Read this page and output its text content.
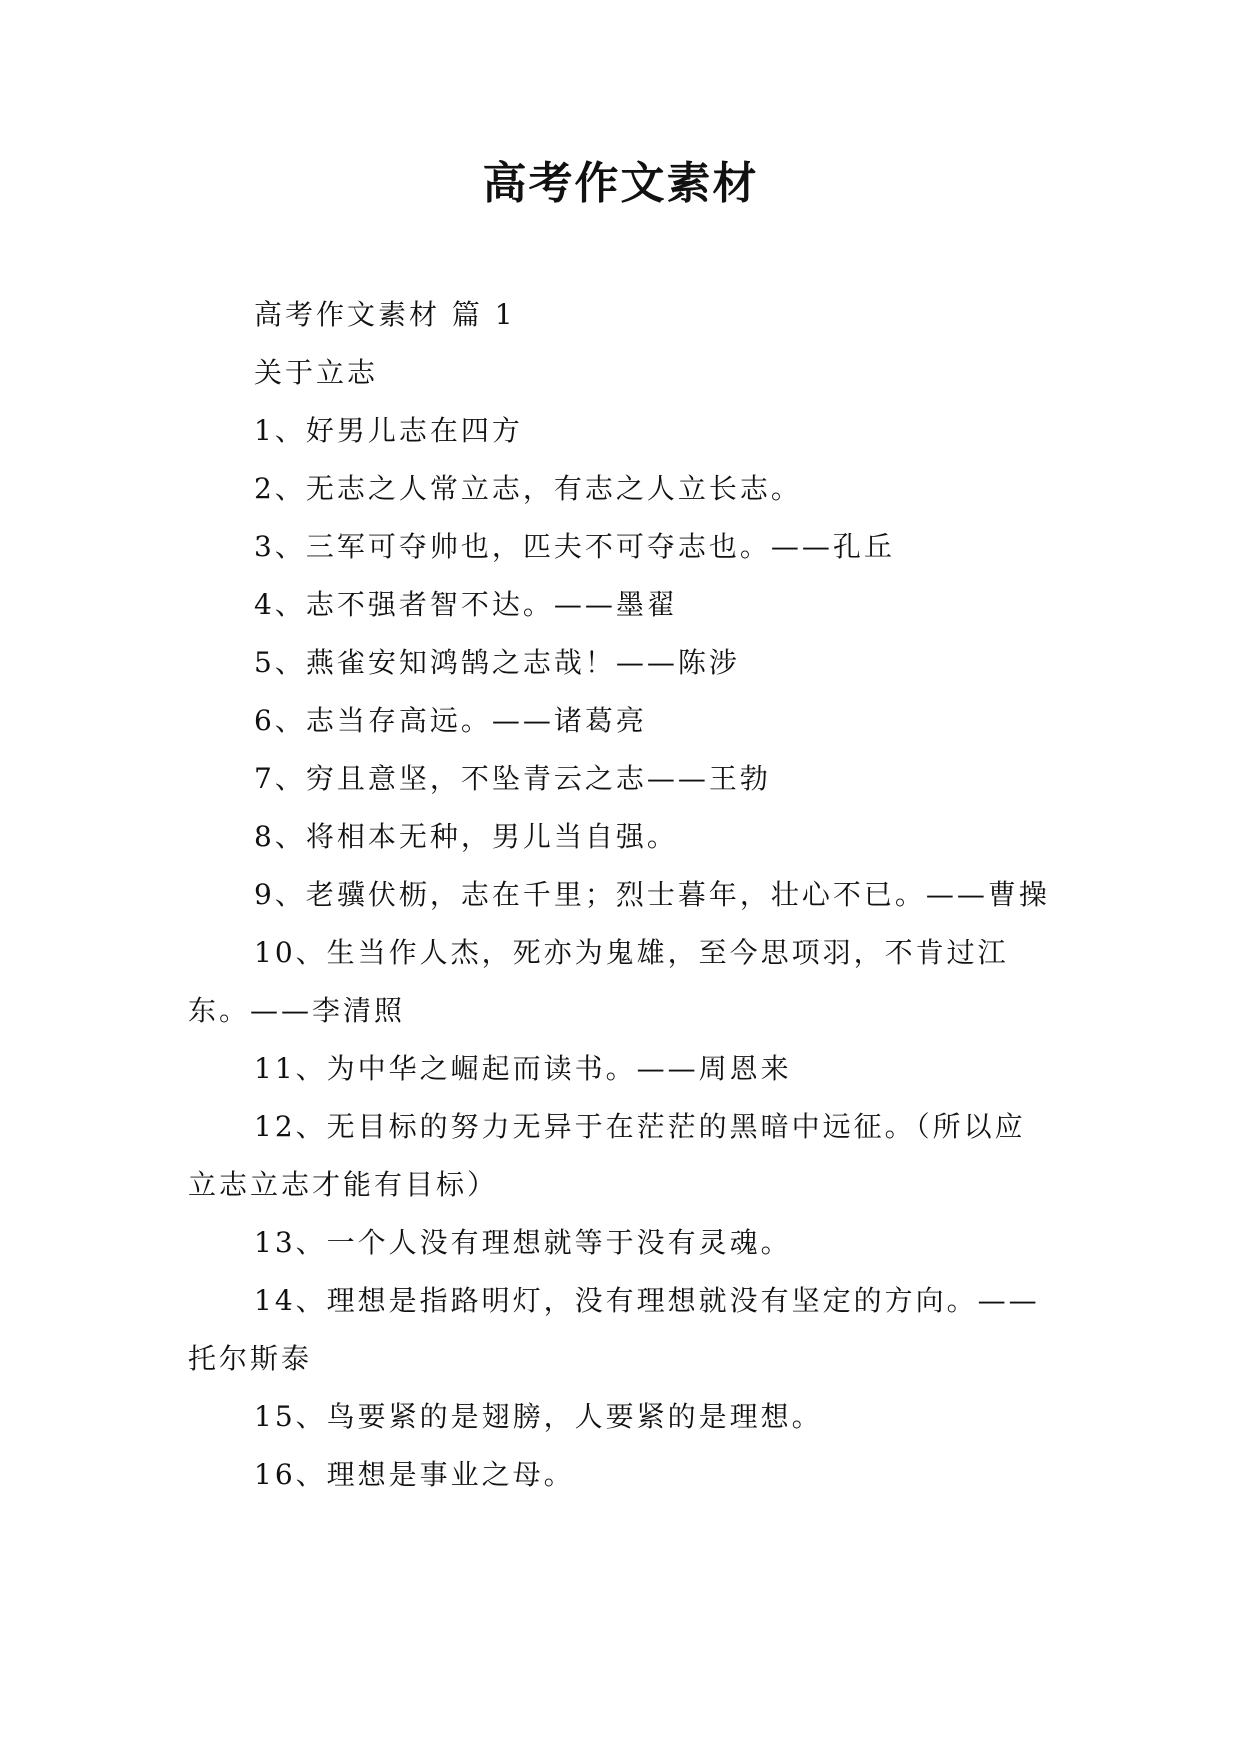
高考作文素材

高考作文素材 篇 1

关于立志

1、好男儿志在四方

2、无志之人常立志，有志之人立长志。

3、三军可夺帅也，匹夫不可夺志也。——孔丘

4、志不强者智不达。——墨翟

5、燕雀安知鸿鹄之志哉！——陈涉

6、志当存高远。——诸葛亮

7、穷且意坚，不坠青云之志——王勃

8、将相本无种，男儿当自强。

9、老骥伏枥，志在千里；烈士暮年，壮心不已。——曹操

10、生当作人杰，死亦为鬼雄，至今思项羽，不肯过江东。——李清照

11、为中华之崛起而读书。——周恩来

12、无目标的努力无异于在茫茫的黑暗中远征。（所以应立志立志才能有目标）

13、一个人没有理想就等于没有灵魂。

14、理想是指路明灯，没有理想就没有坚定的方向。——托尔斯泰

15、鸟要紧的是翅膀，人要紧的是理想。

16、理想是事业之母。
